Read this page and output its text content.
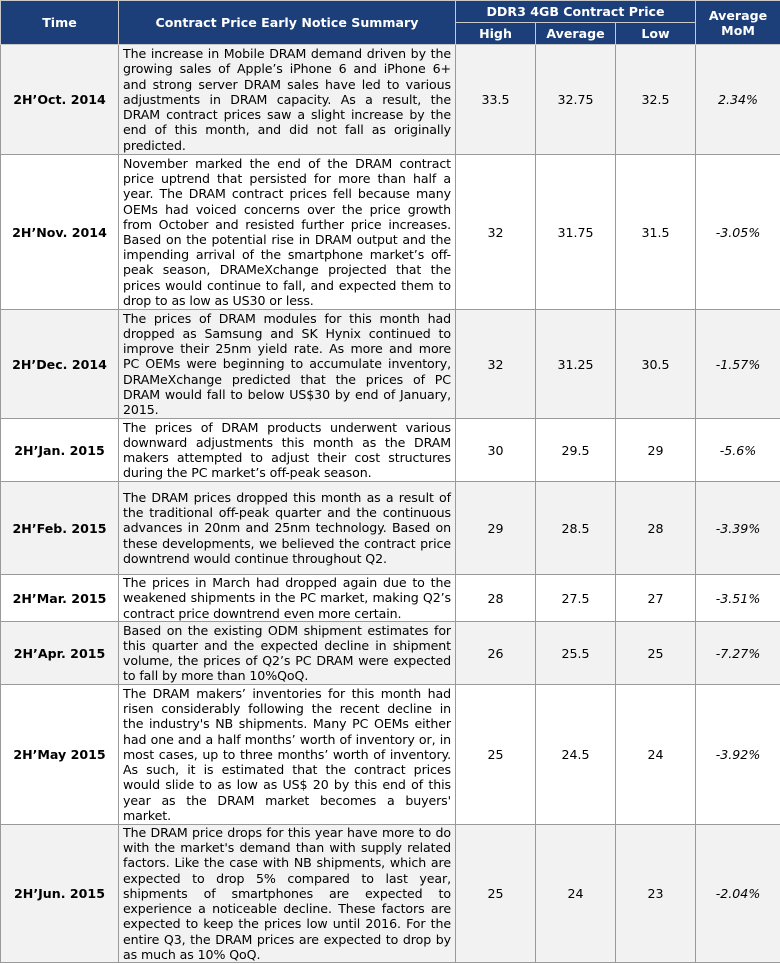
Time	Contract Price Early Notice Summary	DDR3 4GB Contract Price			Average MoM
		High	Average	Low	
2H’Oct. 2014	The increase in Mobile DRAM demand driven by the growing sales of Apple’s iPhone 6 and iPhone 6+ and strong server DRAM sales have led to various adjustments in DRAM capacity. As a result, the DRAM contract prices saw a slight increase by the end of this month, and did not fall as originally predicted.	33.5	32.75	32.5	2.34%
2H’Nov. 2014	November marked the end of the DRAM contract price uptrend that persisted for more than half a year. The DRAM contract prices fell because many OEMs had voiced concerns over the price growth from October and resisted further price increases. Based on the potential rise in DRAM output and the impending arrival of the smartphone market’s off-peak season, DRAMeXchange projected that the prices would continue to fall, and expected them to drop to as low as US30 or less.	32	31.75	31.5	-3.05%
2H’Dec. 2014	The prices of DRAM modules for this month had dropped as Samsung and SK Hynix continued to improve their 25nm yield rate. As more and more PC OEMs were beginning to accumulate inventory, DRAMeXchange predicted that the prices of PC DRAM would fall to below US$30 by end of January, 2015.	32	31.25	30.5	-1.57%
2H’Jan. 2015	The prices of DRAM products underwent various downward adjustments this month as the DRAM makers attempted to adjust their cost structures during the PC market’s off-peak season.	30	29.5	29	-5.6%
2H’Feb. 2015	The DRAM prices dropped this month as a result of the traditional off-peak quarter and the continuous advances in 20nm and 25nm technology. Based on these developments, we believed the contract price downtrend would continue throughout Q2.	29	28.5	28	-3.39%
2H’Mar. 2015	The prices in March had dropped again due to the weakened shipments in the PC market, making Q2’s contract price downtrend even more certain.	28	27.5	27	-3.51%
2H’Apr. 2015	Based on the existing ODM shipment estimates for this quarter and the expected decline in shipment volume, the prices of Q2’s PC DRAM were expected to fall by more than 10%QoQ.	26	25.5	25	-7.27%
2H’May 2015	The DRAM makers’ inventories for this month had risen considerably following the recent decline in the industry's NB shipments. Many PC OEMs either had one and a half months’ worth of inventory or, in most cases, up to three months’ worth of inventory. As such, it is estimated that the contract prices would slide to as low as US$ 20 by this end of this year as the DRAM market becomes a buyers' market.	25	24.5	24	-3.92%
2H’Jun. 2015	The DRAM price drops for this year have more to do with the market's demand than with supply related factors. Like the case with NB shipments, which are expected to drop 5% compared to last year, shipments of smartphones are expected to experience a noticeable decline. These factors are expected to keep the prices low until 2016. For the entire Q3, the DRAM prices are expected to drop by as much as 10% QoQ.	25	24	23	-2.04%
